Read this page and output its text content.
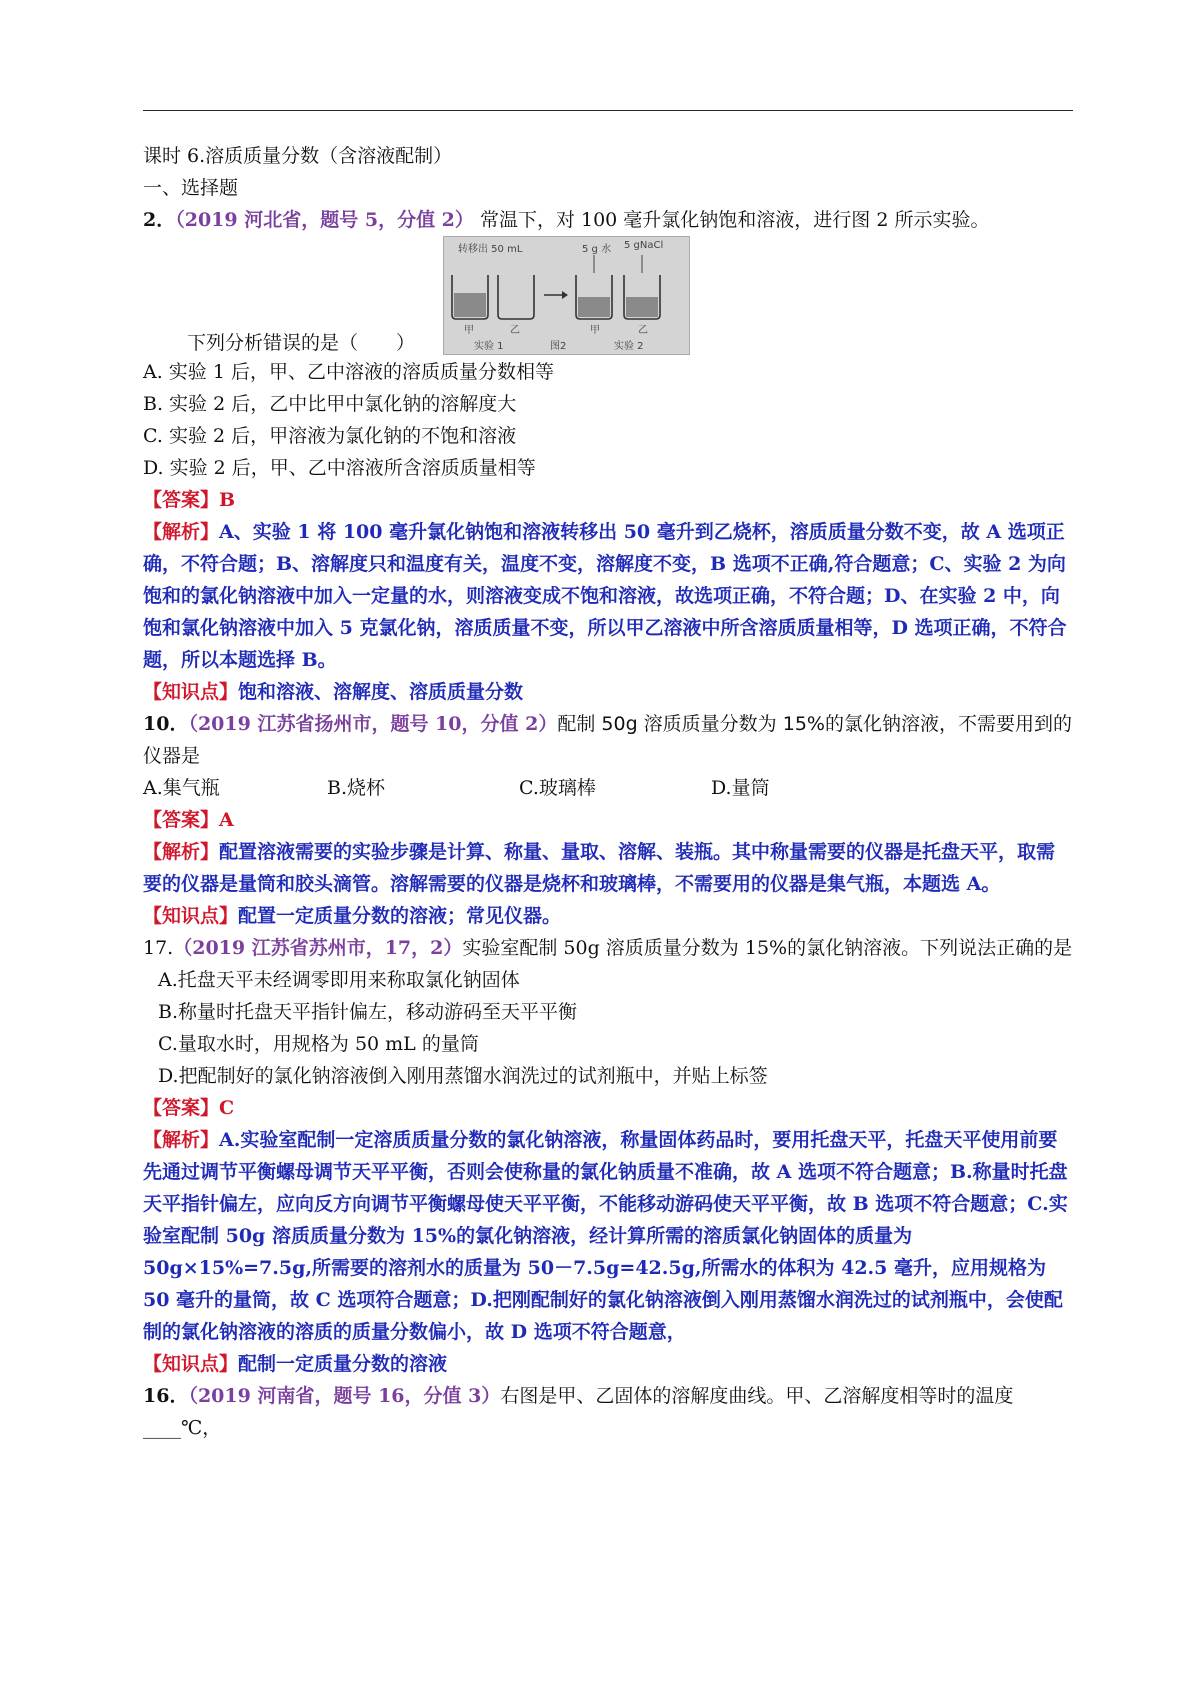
课时 6.溶质质量分数（含溶液配制）
一、选择题
2．（2019 河北省，题号 5，分值 2） 常温下，对 100 毫升氯化钠饱和溶液，进行图 2 所示实验。
下列分析错误的是（　　）
转移出 50 mL	5 g 水 5 gNaCl
甲	乙
实验 1	图2
甲	乙
实验 2
A. 实验 1 后，甲、乙中溶液的溶质质量分数相等
B. 实验 2 后，乙中比甲中氯化钠的溶解度大
C. 实验 2 后，甲溶液为氯化钠的不饱和溶液
D. 实验 2 后，甲、乙中溶液所含溶质质量相等
【答案】B
【解析】A、实验 1 将 100 毫升氯化钠饱和溶液转移出 50 毫升到乙烧杯，溶质质量分数不变，故 A 选项正确，不符合题；B、溶解度只和温度有关，温度不变，溶解度不变，B 选项不正确,符合题意；C、实验 2 为向饱和的氯化钠溶液中加入一定量的水，则溶液变成不饱和溶液，故选项正确，不符合题；D、在实验 2 中，向饱和氯化钠溶液中加入 5 克氯化钠，溶质质量不变，所以甲乙溶液中所含溶质质量相等，D 选项正确，不符合题，所以本题选择 B。
【知识点】饱和溶液、溶解度、溶质质量分数
10．（2019 江苏省扬州市，题号 10，分值 2）配制 50g 溶质质量分数为 15%的氯化钠溶液，不需要用到的仪器是
A.集气瓶	B.烧杯	C.玻璃棒	D.量筒
【答案】A
【解析】配置溶液需要的实验步骤是计算、称量、量取、溶解、装瓶。其中称量需要的仪器是托盘天平，取需要的仪器是量筒和胶头滴管。溶解需要的仪器是烧杯和玻璃棒，不需要用的仪器是集气瓶，本题选 A。
【知识点】配置一定质量分数的溶液；常见仪器。
17.（2019 江苏省苏州市，17，2）实验室配制 50g 溶质质量分数为 15%的氯化钠溶液。下列说法正确的是
A.托盘天平未经调零即用来称取氯化钠固体
B.称量时托盘天平指针偏左，移动游码至天平平衡
C.量取水时，用规格为 50 mL 的量筒
D.把配制好的氯化钠溶液倒入刚用蒸馏水润洗过的试剂瓶中，并贴上标签
【答案】C
【解析】A.实验室配制一定溶质质量分数的氯化钠溶液，称量固体药品时，要用托盘天平，托盘天平使用前要先通过调节平衡螺母调节天平平衡，否则会使称量的氯化钠质量不准确，故 A 选项不符合题意；B.称量时托盘天平指针偏左，应向反方向调节平衡螺母使天平平衡，不能移动游码使天平平衡，故 B 选项不符合题意；C.实验室配制 50g 溶质质量分数为 15%的氯化钠溶液，经计算所需的溶质氯化钠固体的质量为 50g×15%=7.5g,所需要的溶剂水的质量为 50－7.5g=42.5g,所需水的体积为 42.5 毫升，应用规格为 50 毫升的量筒，故 C 选项符合题意；D.把刚配制好的氯化钠溶液倒入刚用蒸馏水润洗过的试剂瓶中，会使配制的氯化钠溶液的溶质的质量分数偏小，故 D 选项不符合题意，
【知识点】配制一定质量分数的溶液
16．（2019 河南省，题号 16，分值 3）右图是甲、乙固体的溶解度曲线。甲、乙溶解度相等时的温度____℃，
